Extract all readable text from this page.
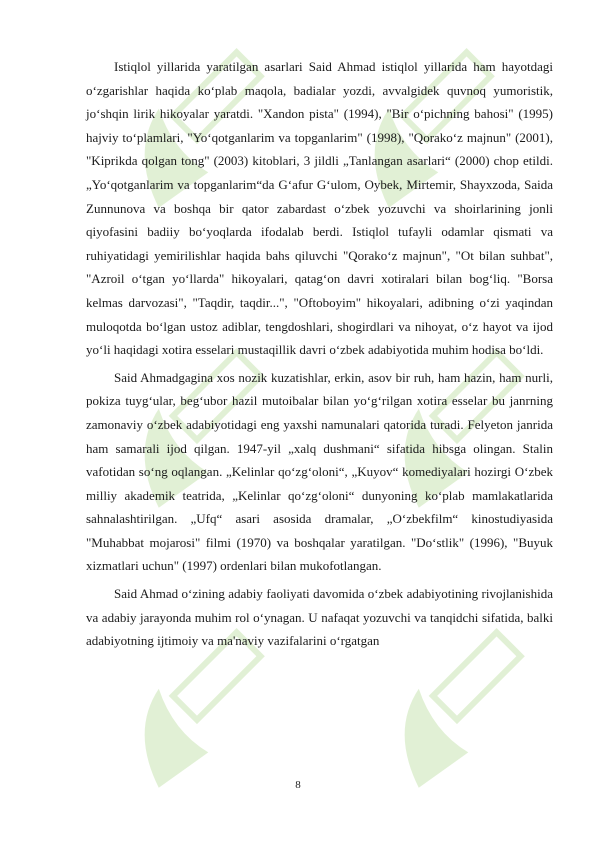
Istiqlol yillarida yaratilgan asarlari Said Ahmad istiqlol yillarida ham hayotdagi o‘zgarishlar haqida ko‘plab maqola, badialar yozdi, avvalgidek quvnoq yumoristik, jo‘shqin lirik hikoyalar yaratdi. "Xandon pista" (1994), "Bir o‘pichning bahosi" (1995) hajviy to‘plamlari, "Yo‘qotganlarim va topganlarim" (1998), "Qorako‘z majnun" (2001), "Kiprikda qolgan tong" (2003) kitoblari, 3 jildli „Tanlangan asarlari“ (2000) chop etildi. „Yo‘qotganlarim va topganlarim“da G‘afur G‘ulom, Oybek, Mirtemir, Shayxzoda, Saida Zunnunova va boshqa bir qator zabardast o‘zbek yozuvchi va shoirlarining jonli qiyofasini badiiy bo‘yoqlarda ifodalab berdi. Istiqlol tufayli odamlar qismati va ruhiyatidagi yemirilishlar haqida bahs qiluvchi "Qorako‘z majnun", "Ot bilan suhbat", "Azroil o‘tgan yo‘llarda" hikoyalari, qatag‘on davri xotiralari bilan bog‘liq. "Borsa kelmas darvozasi", "Taqdir, taqdir...", "Oftoboyim" hikoyalari, adibning o‘zi yaqindan muloqotda bo‘lgan ustoz adiblar, tengdoshlari, shogirdlari va nihoyat, o‘z hayot va ijod yo‘li haqidagi xotira esselari mustaqillik davri o‘zbek adabiyotida muhim hodisa bo‘ldi.

Said Ahmadgagina xos nozik kuzatishlar, erkin, asov bir ruh, ham hazin, ham nurli, pokiza tuyg‘ular, beg‘ubor hazil mutoibalar bilan yo‘g‘rilgan xotira esselar bu janrning zamonaviy o‘zbek adabiyotidagi eng yaxshi namunalari qatorida turadi. Felyeton janrida ham samarali ijod qilgan. 1947-yil „xalq dushmani“ sifatida hibsga olingan. Stalin vafotidan so‘ng oqlangan. „Kelinlar qo‘zg‘oloni“, „Kuyov“ komediyalari hozirgi O‘zbek milliy akademik teatrida, „Kelinlar qo‘zg‘oloni“ dunyoning ko‘plab mamlakatlarida sahnalashtirilgan. „Ufq“ asari asosida dramalar, „O‘zbekfilm“ kinostudiyasida "Muhabbat mojarosi" filmi (1970) va boshqalar yaratilgan. "Do‘stlik" (1996), "Buyuk xizmatlari uchun" (1997) ordenlari bilan mukofotlangan.

Said Ahmad o‘zining adabiy faoliyati davomida o‘zbek adabiyotining rivojlanishida va adabiy jarayonda muhim rol o‘ynagan. U nafaqat yozuvchi va tanqidchi sifatida, balki adabiyotning ijtimoiy va ma'naviy vazifalarini o‘rgatgan

8
